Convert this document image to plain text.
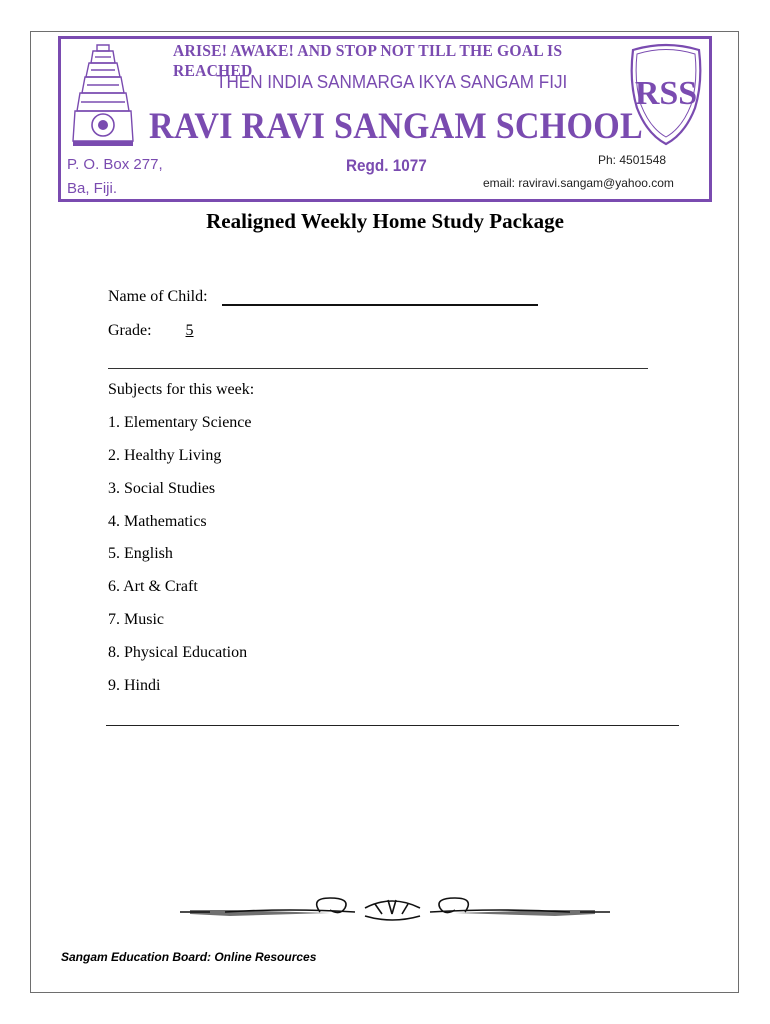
ARISE! AWAKE! AND STOP NOT TILL THE GOAL IS REACHED
THEN INDIA SANMARGA IKYA SANGAM FIJI
RAVI RAVI SANGAM SCHOOL
P. O. Box 277,
Ba, Fiji.
Regd. 1077	Ph: 4501548
email: raviravi.sangam@yahoo.com
RSS
Realigned Weekly Home Study Package
Name of Child:
Grade: 5
Subjects for this week:
1. Elementary Science
2. Healthy Living
3. Social Studies
4. Mathematics
5. English
6. Art & Craft
7. Music
8. Physical Education
9. Hindi
Sangam Education Board: Online Resources
